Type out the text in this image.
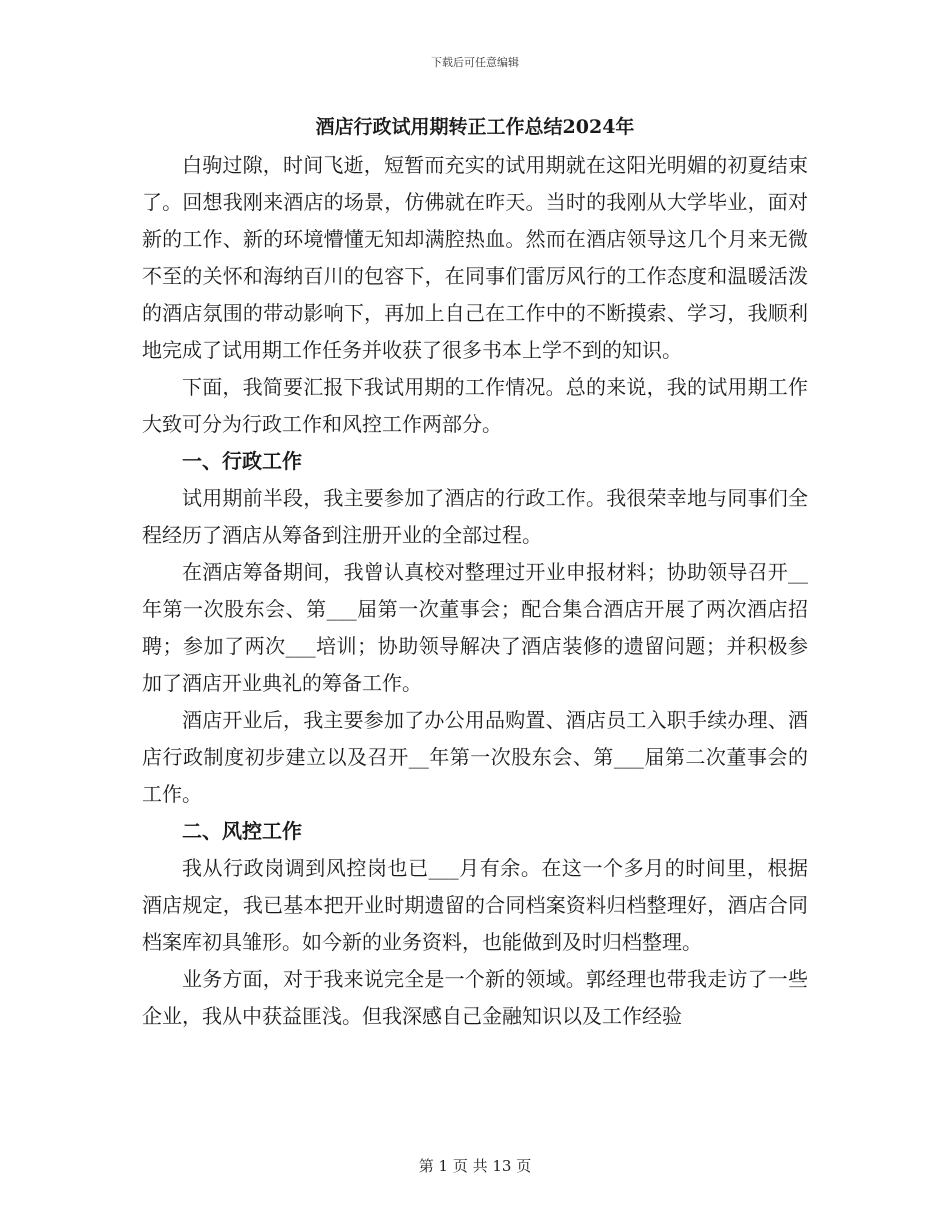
下载后可任意编辑
酒店行政试用期转正工作总结2024年

白驹过隙，时间飞逝，短暂而充实的试用期就在这阳光明媚的初夏结束了。回想我刚来酒店的场景，仿佛就在昨天。当时的我刚从大学毕业，面对新的工作、新的环境懵懂无知却满腔热血。然而在酒店领导这几个月来无微不至的关怀和海纳百川的包容下，在同事们雷厉风行的工作态度和温暖活泼的酒店氛围的带动影响下，再加上自己在工作中的不断摸索、学习，我顺利地完成了试用期工作任务并收获了很多书本上学不到的知识。

下面，我简要汇报下我试用期的工作情况。总的来说，我的试用期工作大致可分为行政工作和风控工作两部分。

一、行政工作

试用期前半段，我主要参加了酒店的行政工作。我很荣幸地与同事们全程经历了酒店从筹备到注册开业的全部过程。

在酒店筹备期间，我曾认真校对整理过开业申报材料；协助领导召开__年第一次股东会、第___届第一次董事会；配合集合酒店开展了两次酒店招聘；参加了两次___培训；协助领导解决了酒店装修的遗留问题；并积极参加了酒店开业典礼的筹备工作。

酒店开业后，我主要参加了办公用品购置、酒店员工入职手续办理、酒店行政制度初步建立以及召开__年第一次股东会、第___届第二次董事会的工作。

二、风控工作

我从行政岗调到风控岗也已___月有余。在这一个多月的时间里，根据酒店规定，我已基本把开业时期遗留的合同档案资料归档整理好，酒店合同档案库初具雏形。如今新的业务资料，也能做到及时归档整理。

业务方面，对于我来说完全是一个新的领域。郭经理也带我走访了一些企业，我从中获益匪浅。但我深感自己金融知识以及工作经验

第 1 页 共 13 页
